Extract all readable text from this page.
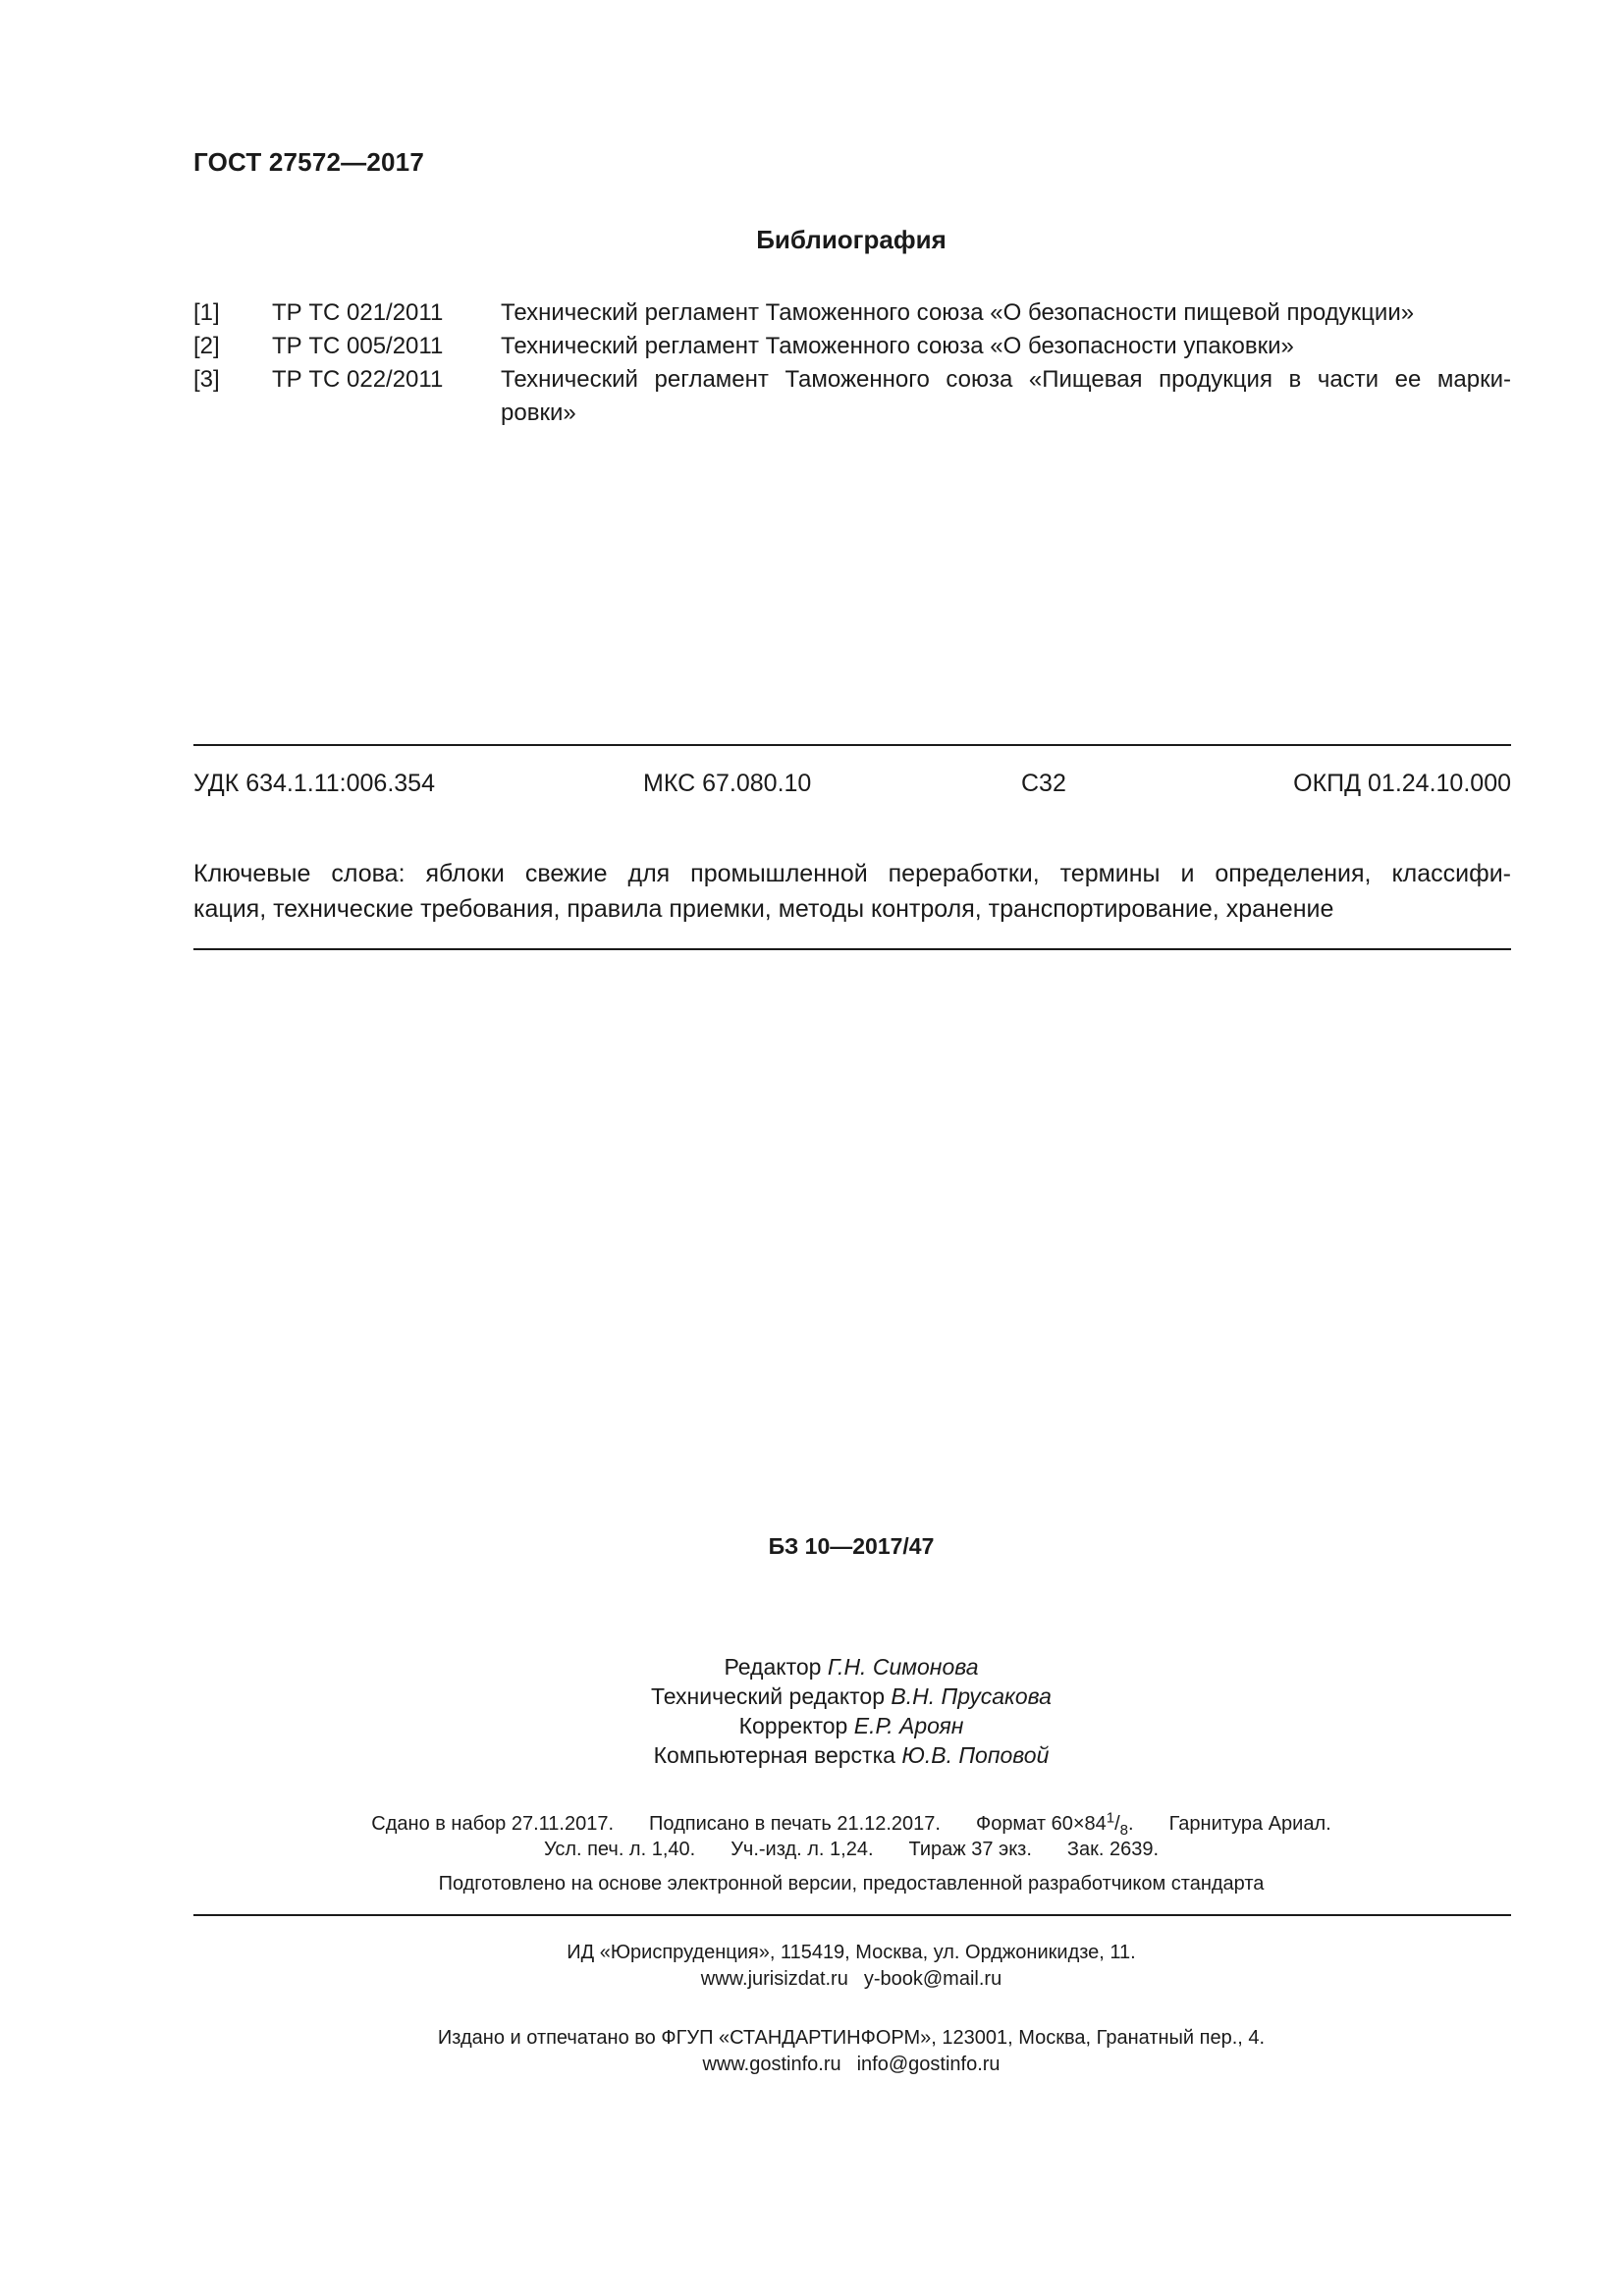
ГОСТ 27572—2017
Библиография
[1]	ТР ТС 021/2011	Технический регламент Таможенного союза «О безопасности пищевой продукции»
[2]	ТР ТС 005/2011	Технический регламент Таможенного союза «О безопасности упаковки»
[3]	ТР ТС 022/2011	Технический регламент Таможенного союза «Пищевая продукция в части ее марки-
ровки»
УДК 634.1.11:006.354	МКС 67.080.10	С32	ОКПД 01.24.10.000
Ключевые слова: яблоки свежие для промышленной переработки, термины и определения, классифи-
кация, технические требования, правила приемки, методы контроля, транспортирование, хранение
БЗ 10—2017/47
Редактор Г.Н. Симонова
Технический редактор В.Н. Прусакова
Корректор Е.Р. Ароян
Компьютерная верстка Ю.В. Поповой
Сдано в набор 27.11.2017. Подписано в печать 21.12.2017. Формат $60\times 84^1/_8$. Гарнитура Ариал.
Усл. печ. л. 1,40. Уч.-изд. л. 1,24. Тираж 37 экз. Зак. 2639.
Подготовлено на основе электронной версии, предоставленной разработчиком стандарта
ИД «Юриспруденция», 115419, Москва, ул. Орджоникидзе, 11.
www.jurisizdat.ru y-book@mail.ru
Издано и отпечатано во ФГУП «СТАНДАРТИНФОРМ», 123001, Москва, Гранатный пер., 4.
www.gostinfo.ru info@gostinfo.ru
